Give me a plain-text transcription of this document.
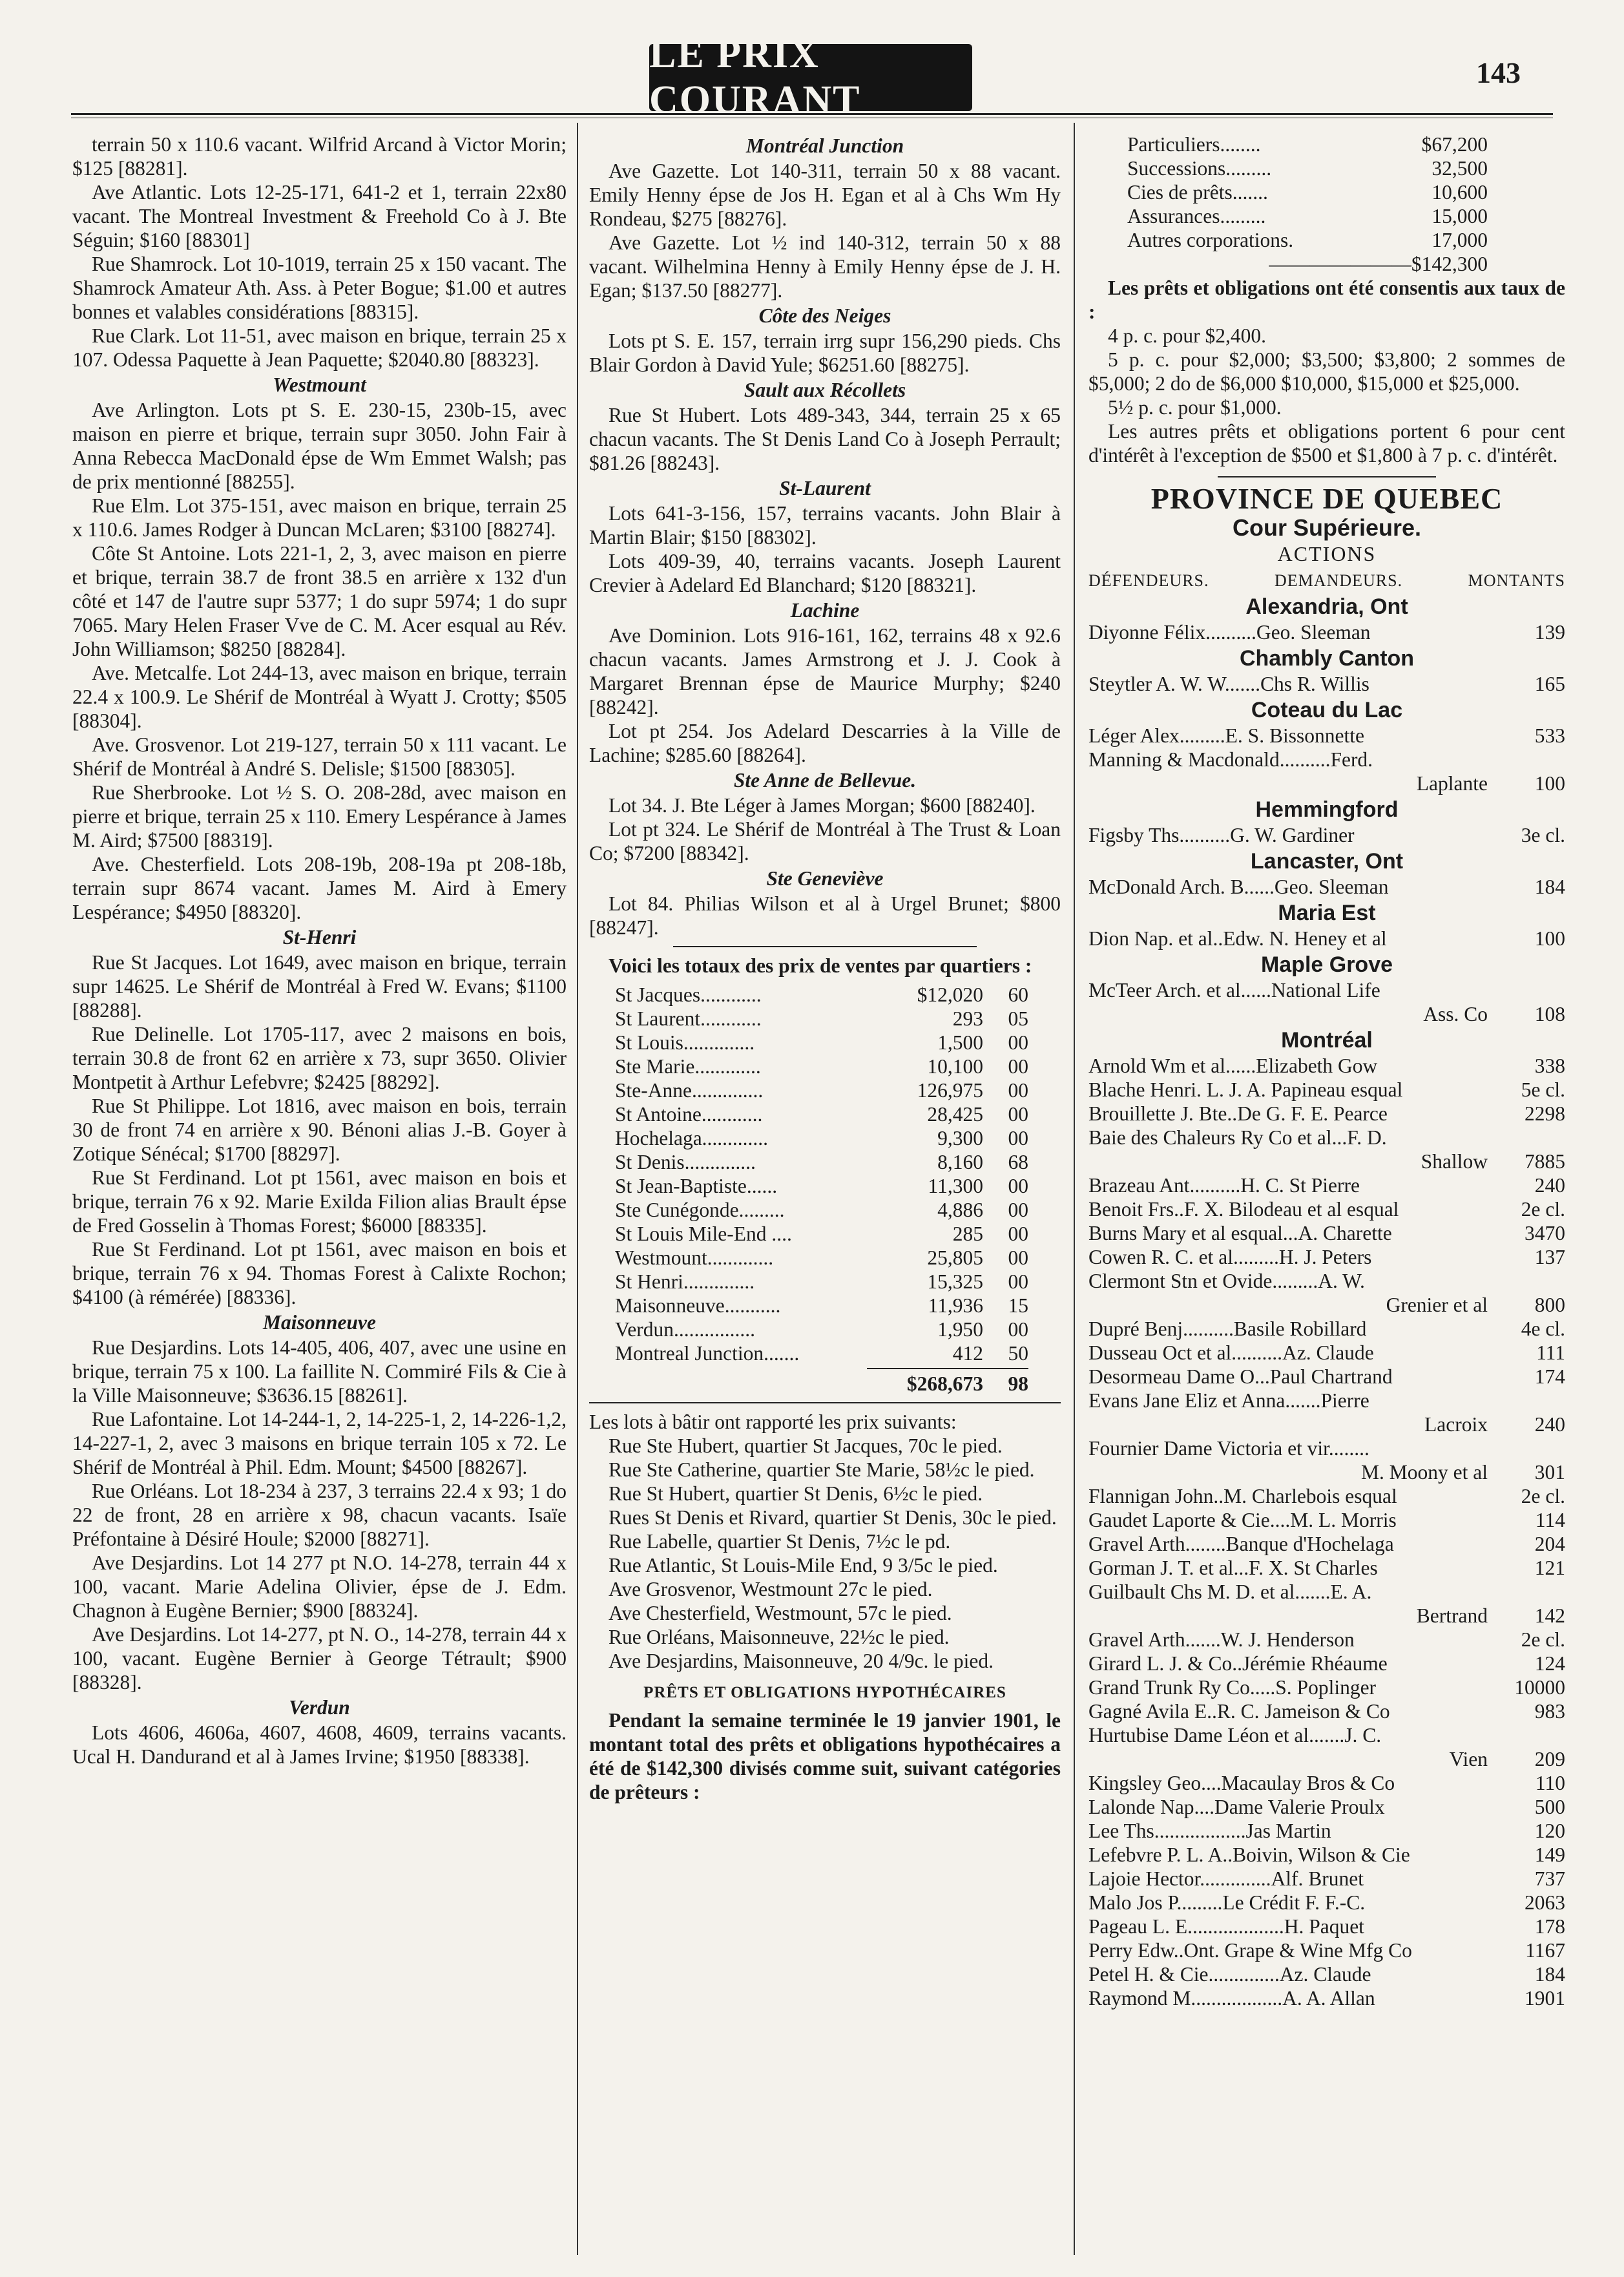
LE PRIX COURANT
143

terrain 50 x 110.6 vacant. Wilfrid Arcand à Victor Morin; $125 [88281].

Ave Atlantic. Lots 12-25-171, 641-2 et 1, terrain 22x80 vacant. The Montreal Investment & Freehold Co à J. Bte Séguin; $160 [88301]

Rue Shamrock. Lot 10-1019, terrain 25 x 150 vacant. The Shamrock Amateur Ath. Ass. à Peter Bogue; $1.00 et autres bonnes et valables considérations [88315].

Rue Clark. Lot 11-51, avec maison en brique, terrain 25 x 107. Odessa Paquette à Jean Paquette; $2040.80 [88323].

Westmount

Ave Arlington. Lots pt S. E. 230-15, 230b-15, avec maison en pierre et brique, terrain supr 3050. John Fair à Anna Rebecca MacDonald épse de Wm Emmet Walsh; pas de prix mentionné [88255].

Rue Elm. Lot 375-151, avec maison en brique, terrain 25 x 110.6. James Rodger à Duncan McLaren; $3100 [88274].

Côte St Antoine. Lots 221-1, 2, 3, avec maison en pierre et brique, terrain 38.7 de front 38.5 en arrière x 132 d'un côté et 147 de l'autre supr 5377; 1 do supr 5974; 1 do supr 7065. Mary Helen Fraser Vve de C. M. Acer esqual au Rév. John Williamson; $8250 [88284].

Ave. Metcalfe. Lot 244-13, avec maison en brique, terrain 22.4 x 100.9. Le Shérif de Montréal à Wyatt J. Crotty; $505 [88304].

Ave. Grosvenor. Lot 219-127, terrain 50 x 111 vacant. Le Shérif de Montréal à André S. Delisle; $1500 [88305].

Rue Sherbrooke. Lot ½ S. O. 208-28d, avec maison en pierre et brique, terrain 25 x 110. Emery Lespérance à James M. Aird; $7500 [88319].

Ave. Chesterfield. Lots 208-19b, 208-19a pt 208-18b, terrain supr 8674 vacant. James M. Aird à Emery Lespérance; $4950 [88320].

St-Henri

Rue St Jacques. Lot 1649, avec maison en brique, terrain supr 14625. Le Shérif de Montréal à Fred W. Evans; $1100 [88288].

Rue Delinelle. Lot 1705-117, avec 2 maisons en bois, terrain 30.8 de front 62 en arrière x 73, supr 3650. Olivier Montpetit à Arthur Lefebvre; $2425 [88292].

Rue St Philippe. Lot 1816, avec maison en bois, terrain 30 de front 74 en arrière x 90. Bénoni alias J.-B. Goyer à Zotique Sénécal; $1700 [88297].

Rue St Ferdinand. Lot pt 1561, avec maison en bois et brique, terrain 76 x 92. Marie Exilda Filion alias Brault épse de Fred Gosselin à Thomas Forest; $6000 [88335].

Rue St Ferdinand. Lot pt 1561, avec maison en bois et brique, terrain 76 x 94. Thomas Forest à Calixte Rochon; $4100 (à réméréе) [88336].

Maisonneuve

Rue Desjardins. Lots 14-405, 406, 407, avec une usine en brique, terrain 75 x 100. La faillite N. Commiré Fils & Cie à la Ville Maisonneuve; $3636.15 [88261].

Rue Lafontaine. Lot 14-244-1, 2, 14-225-1, 2, 14-226-1,2, 14-227-1, 2, avec 3 maisons en brique terrain 105 x 72. Le Shérif de Montréal à Phil. Edm. Mount; $4500 [88267].

Rue Orléans. Lot 18-234 à 237, 3 terrains 22.4 x 93; 1 do 22 de front, 28 en arrière x 98, chacun vacants. Isaïe Préfontaine à Désiré Houle; $2000 [88271].

Ave Desjardins. Lot 14 277 pt N.O. 14-278, terrain 44 x 100, vacant. Marie Adelina Olivier, épse de J. Edm. Chagnon à Eugène Bernier; $900 [88324].

Ave Desjardins. Lot 14-277, pt N. O., 14-278, terrain 44 x 100, vacant. Eugène Bernier à George Tétrault; $900 [88328].

Verdun

Lots 4606, 4606a, 4607, 4608, 4609, terrains vacants. Ucal H. Dandurand et al à James Irvine; $1950 [88338].

Montréal Junction

Ave Gazette. Lot 140-311, terrain 50 x 88 vacant. Emily Henny épse de Jos H. Egan et al à Chs Wm Hy Rondeau, $275 [88276].

Ave Gazette. Lot ½ ind 140-312, terrain 50 x 88 vacant. Wilhelmina Henny à Emily Henny épse de J. H. Egan; $137.50 [88277].

Côte des Neiges

Lots pt S. E. 157, terrain irrg supr 156,290 pieds. Chs Blair Gordon à David Yule; $6251.60 [88275].

Sault aux Récollets

Rue St Hubert. Lots 489-343, 344, terrain 25 x 65 chacun vacants. The St Denis Land Co à Joseph Perrault; $81.26 [88243].

St-Laurent

Lots 641-3-156, 157, terrains vacants. John Blair à Martin Blair; $150 [88302].

Lots 409-39, 40, terrains vacants. Joseph Laurent Crevier à Adelard Ed Blanchard; $120 [88321].

Lachine

Ave Dominion. Lots 916-161, 162, terrains 48 x 92.6 chacun vacants. James Armstrong et J. J. Cook à Margaret Brennan épse de Maurice Murphy; $240 [88242].

Lot pt 254. Jos Adelard Descarries à la Ville de Lachine; $285.60 [88264].

Ste Anne de Bellevue.

Lot 34. J. Bte Léger à James Morgan; $600 [88240].

Lot pt 324. Le Shérif de Montréal à The Trust & Loan Co; $7200 [88342].

Ste Geneviève

Lot 84. Philias Wilson et al à Urgel Brunet; $800 [88247].

Voici les totaux des prix de ventes par quartiers :

St Jacques............	$12,020	60
St Laurent............	293	05
St Louis..............	1,500	00
Ste Marie.............	10,100	00
Ste-Anne..............	126,975	00
St Antoine............	28,425	00
Hochelaga.............	9,300	00
St Denis..............	8,160	68
St Jean-Baptiste......	11,300	00
Ste Cunégonde.........	4,886	00
St Louis Mile-End ....	285	00
Westmount.............	25,805	00
St Henri..............	15,325	00
Maisonneuve...........	11,936	15
Verdun................	1,950	00
Montreal Junction.......	412	50
$268,673	98

Les lots à bâtir ont rapporté les prix suivants:

Rue Ste Hubert, quartier St Jacques, 70c le pied.

Rue Ste Catherine, quartier Ste Marie, 58½c le pied.

Rue St Hubert, quartier St Denis, 6½c le pied.

Rues St Denis et Rivard, quartier St Denis, 30c le pied.

Rue Labelle, quartier St Denis, 7½c le pd.

Rue Atlantic, St Louis-Mile End, 9 3/5c le pied.

Ave Grosvenor, Westmount 27c le pied.

Ave Chesterfield, Westmount, 57c le pied.

Rue Orléans, Maisonneuve, 22½c le pied.

Ave Desjardins, Maisonneuve, 20 4/9c. le pied.

PRÊTS ET OBLIGATIONS HYPOTHÉCAIRES

Pendant la semaine terminée le 19 janvier 1901, le montant total des prêts et obligations hypothécaires a été de $142,300 divisés comme suit, suivant catégories de prêteurs :

Particuliers........	$67,200
Successions.........	32,500
Cies de prêts.......	10,600
Assurances.........	15,000
Autres corporations.	17,000
———————$142,300

Les prêts et obligations ont été consentis aux taux de :

4 p. c. pour $2,400.

5 p. c. pour $2,000; $3,500; $3,800; 2 sommes de $5,000; 2 do de $6,000 $10,000, $15,000 et $25,000.

5½ p. c. pour $1,000.

Les autres prêts et obligations portent 6 pour cent d'intérêt à l'exception de $500 et $1,800 à 7 p. c. d'intérêt.

PROVINCE DE QUEBEC
Cour Supérieure.
ACTIONS
DÉFENDEURS.	DEMANDEURS.	MONTANTS
Alexandria, Ont
Diyonne Félix..........Geo. Sleeman	139
Chambly Canton
Steytler A. W. W.......Chs R. Willis	165
Coteau du Lac
Léger Alex.........E. S. Bissonnette	533
Manning & Macdonald..........Ferd.
Laplante	100
Hemmingford
Figsby Ths..........G. W. Gardiner	3e cl.
Lancaster, Ont
McDonald Arch. B......Geo. Sleeman	184
Maria Est
Dion Nap. et al..Edw. N. Heney et al	100
Maple Grove
McTeer Arch. et al......National Life
Ass. Co	108
Montréal
Arnold Wm et al......Elizabeth Gow	338
Blache Henri. L. J. A. Papineau esqual	5e cl.
Brouillette J. Bte..De G. F. E. Pearce	2298
Baie des Chaleurs Ry Co et al...F. D.
Shallow	7885
Brazeau Ant..........H. C. St Pierre	240
Benoit Frs..F. X. Bilodeau et al esqual	2e cl.
Burns Mary et al esqual...A. Charette	3470
Cowen R. C. et al.........H. J. Peters	137
Clermont Stn et Ovide.........A. W.
Grenier et al	800
Dupré Benj..........Basile Robillard	4e cl.
Dusseau Oct et al..........Az. Claude	111
Desormeau Dame O...Paul Chartrand	174
Evans Jane Eliz et Anna.......Pierre
Lacroix	240
Fournier Dame Victoria et vir........
M. Moony et al	301
Flannigan John..M. Charlebois esqual	2e cl.
Gaudet Laporte & Cie....M. L. Morris	114
Gravel Arth........Banque d'Hochelaga	204
Gorman J. T. et al...F. X. St Charles	121
Guilbault Chs M. D. et al.......E. A.
Bertrand	142
Gravel Arth.......W. J. Henderson	2e cl.
Girard L. J. & Co..Jérémie Rhéaume	124
Grand Trunk Ry Co.....S. Poplinger	10000
Gagné Avila E..R. C. Jameison & Co	983
Hurtubise Dame Léon et al.......J. C.
Vien	209
Kingsley Geo....Macaulay Bros & Co	110
Lalonde Nap....Dame Valerie Proulx	500
Lee Ths..................Jas Martin	120
Lefebvre P. L. A..Boivin, Wilson & Cie	149
Lajoie Hector..............Alf. Brunet	737
Malo Jos P.........Le Crédit F. F.-C.	2063
Pageau L. E...................H. Paquet	178
Perry Edw..Ont. Grape & Wine Mfg Co	1167
Petel H. & Cie..............Az. Claude	184
Raymond M..................A. A. Allan	1901
